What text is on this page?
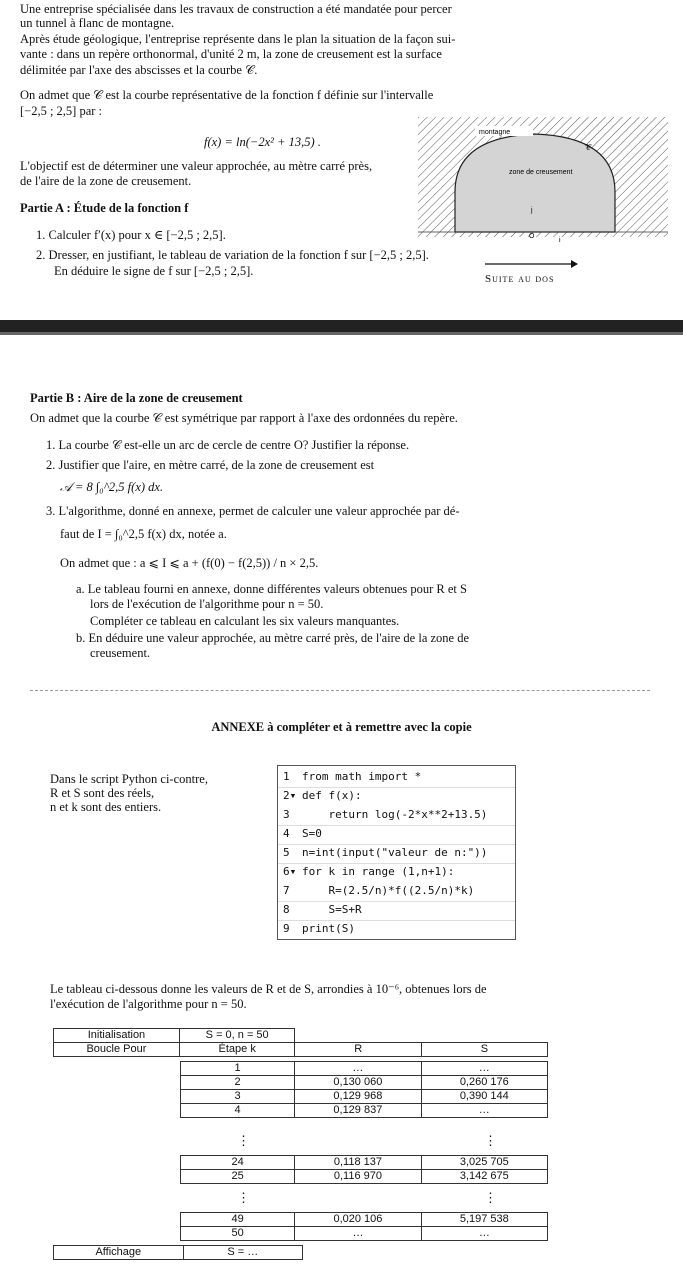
Une entreprise spécialisée dans les travaux de construction a été mandatée pour percer
un tunnel à flanc de montagne.
Après étude géologique, l'entreprise représente dans le plan la situation de la façon sui-
vante : dans un repère orthonormal, d'unité 2 m, la zone de creusement est la surface
délimitée par l'axe des abscisses et la courbe 𝒞.
On admet que 𝒞 est la courbe représentative de la fonction f définie sur l'intervalle
[−2,5 ; 2,5] par :
f(x) = ln(−2x² + 13,5) .
L'objectif est de déterminer une valeur approchée, au mètre carré près,
de l'aire de la zone de creusement.
montagne
𝒞
zone de creusement
j
O
i
Partie A : Étude de la fonction f
1. Calculer f′(x) pour x ∈ [−2,5 ; 2,5].
2. Dresser, en justifiant, le tableau de variation de la fonction f sur [−2,5 ; 2,5].
En déduire le signe de f sur [−2,5 ; 2,5].
Suite au dos
Partie B : Aire de la zone de creusement
On admet que la courbe 𝒞 est symétrique par rapport à l'axe des ordonnées du repère.
1. La courbe 𝒞 est-elle un arc de cercle de centre O? Justifier la réponse.
2. Justifier que l'aire, en mètre carré, de la zone de creusement est
𝒜 = 8 ∫₀^2,5 f(x) dx.
3. L'algorithme, donné en annexe, permet de calculer une valeur approchée par dé-
faut de I = ∫₀^2,5 f(x) dx, notée a.
On admet que : a ⩽ I ⩽ a + (f(0) − f(2,5)) / n × 2,5.
a. Le tableau fourni en annexe, donne différentes valeurs obtenues pour R et S
lors de l'exécution de l'algorithme pour n = 50.
Compléter ce tableau en calculant les six valeurs manquantes.
b. En déduire une valeur approchée, au mètre carré près, de l'aire de la zone de
creusement.
ANNEXE à compléter et à remettre avec la copie
Dans le script Python ci-contre,
R et S sont des réels,
n et k sont des entiers.
1 from math import *
2▾ def f(x):
3 return log(-2*x**2+13.5)
4 S=0
5 n=int(input("valeur de n:"))
6▾ for k in range (1,n+1):
7 R=(2.5/n)*f((2.5/n)*k)
8 S=S+R
9 print(S)
Le tableau ci-dessous donne les valeurs de R et de S, arrondies à 10⁻⁶, obtenues lors de
l'exécution de l'algorithme pour n = 50.
Initialisation	S = 0, n = 50		
Boucle Pour	Étape k	R	S
1	…	…
2	0,130 060	0,260 176
3	0,129 968	0,390 144
4	0,129 837	…
⋮	⋮
24	0,118 137	3,025 705
25	0,116 970	3,142 675
⋮	⋮
49	0,020 106	5,197 538
50	…	…
Affichage	S = …
